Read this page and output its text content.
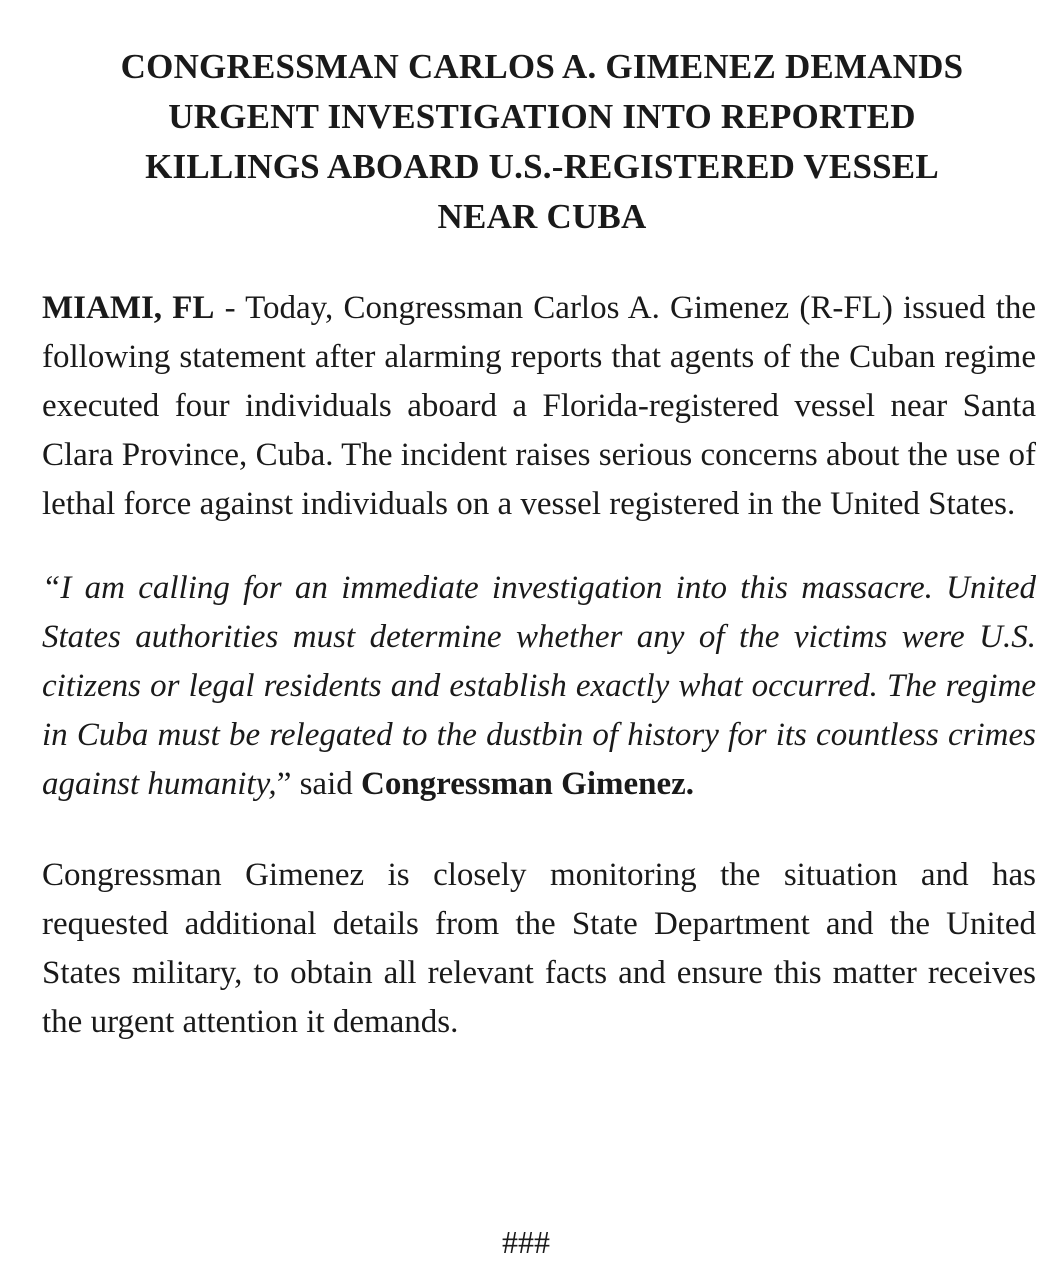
CONGRESSMAN CARLOS A. GIMENEZ DEMANDS
URGENT INVESTIGATION INTO REPORTED
KILLINGS ABOARD U.S.-REGISTERED VESSEL
NEAR CUBA

MIAMI, FL - Today, Congressman Carlos A. Gimenez (R-FL) issued the following statement after alarming reports that agents of the Cuban regime executed four individuals aboard a Florida-registered vessel near Santa Clara Province, Cuba. The incident raises serious concerns about the use of lethal force against individuals on a vessel registered in the United States.

“I am calling for an immediate investigation into this massacre. United States authorities must determine whether any of the victims were U.S. citizens or legal residents and establish exactly what occurred. The regime in Cuba must be relegated to the dustbin of history for its countless crimes against humanity,” said Congressman Gimenez.

Congressman Gimenez is closely monitoring the situation and has requested additional details from the State Department and the United States military, to obtain all relevant facts and ensure this matter receives the urgent attention it demands.

###
